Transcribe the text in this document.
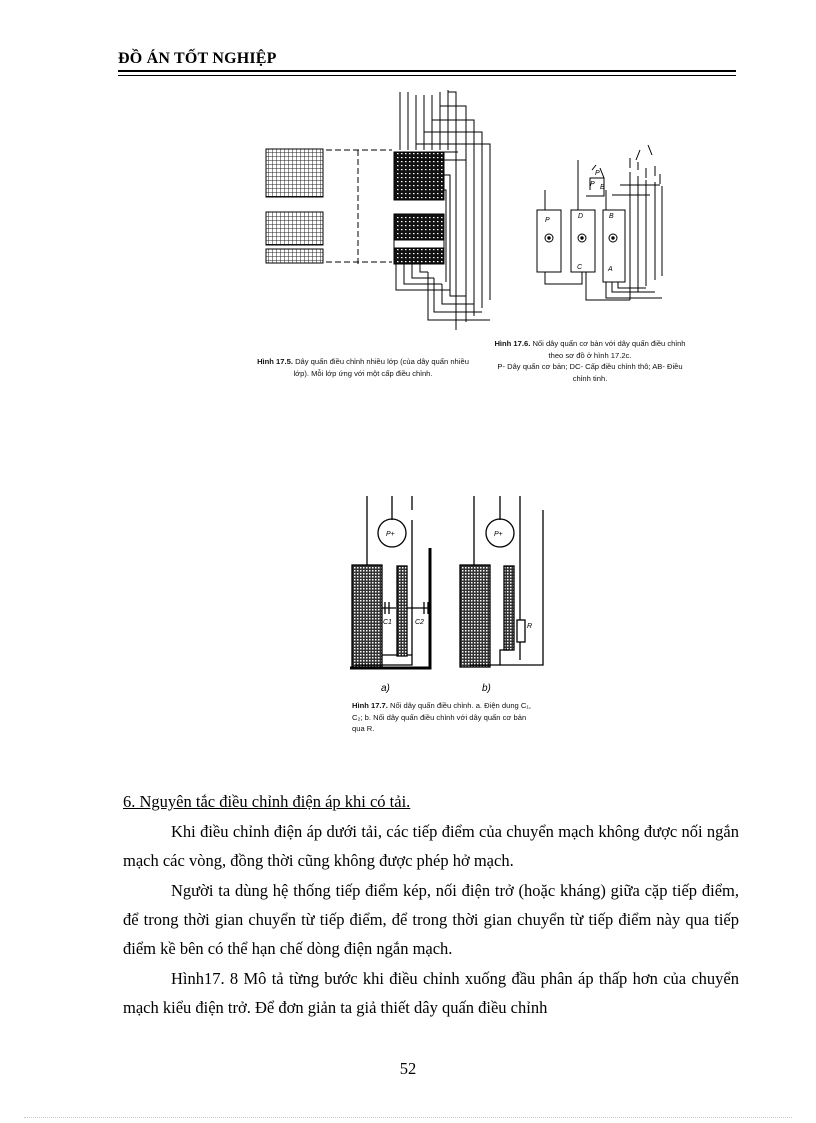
ĐỒ ÁN TỐT NGHIỆP
D	B
P
C	A
P
P B
P+
C1	C2
P+
R
Hình 17.5. Dây quấn điều chỉnh nhiều lớp (của dây quấn nhiều lớp). Mỗi lớp ứng với một cấp điều chỉnh.
Hình 17.6. Nối dây quấn cơ bản với dây quấn điều chỉnh theo sơ đồ ở hình 17.2c.
P- Dây quấn cơ bản; DC- Cấp điều chỉnh thô; AB- Điều chỉnh tinh.
a)	b)
Hình 17.7. Nối dây quấn điều chỉnh. a. Điện dung C₁, C₂; b. Nối dây quấn điều chỉnh với dây quấn cơ bản qua R.
6. Nguyên tắc điều chỉnh điện áp khi có tải.

Khi điều chỉnh điện áp dưới tải, các tiếp điểm của chuyển mạch không được nối ngắn mạch các vòng, đồng thời cũng không được phép hở mạch.

Người ta dùng hệ thống tiếp điểm kép, nối điện trở (hoặc kháng) giữa cặp tiếp điểm, để trong thời gian chuyển từ tiếp điểm, để trong thời gian chuyển từ tiếp điểm này qua tiếp điểm kề bên có thể hạn chế dòng điện ngắn mạch.

Hình17. 8 Mô tả từng bước khi điều chỉnh xuống đầu phân áp thấp hơn của chuyển mạch kiểu điện trở. Để đơn giản ta giả thiết dây quấn điều chỉnh

52
